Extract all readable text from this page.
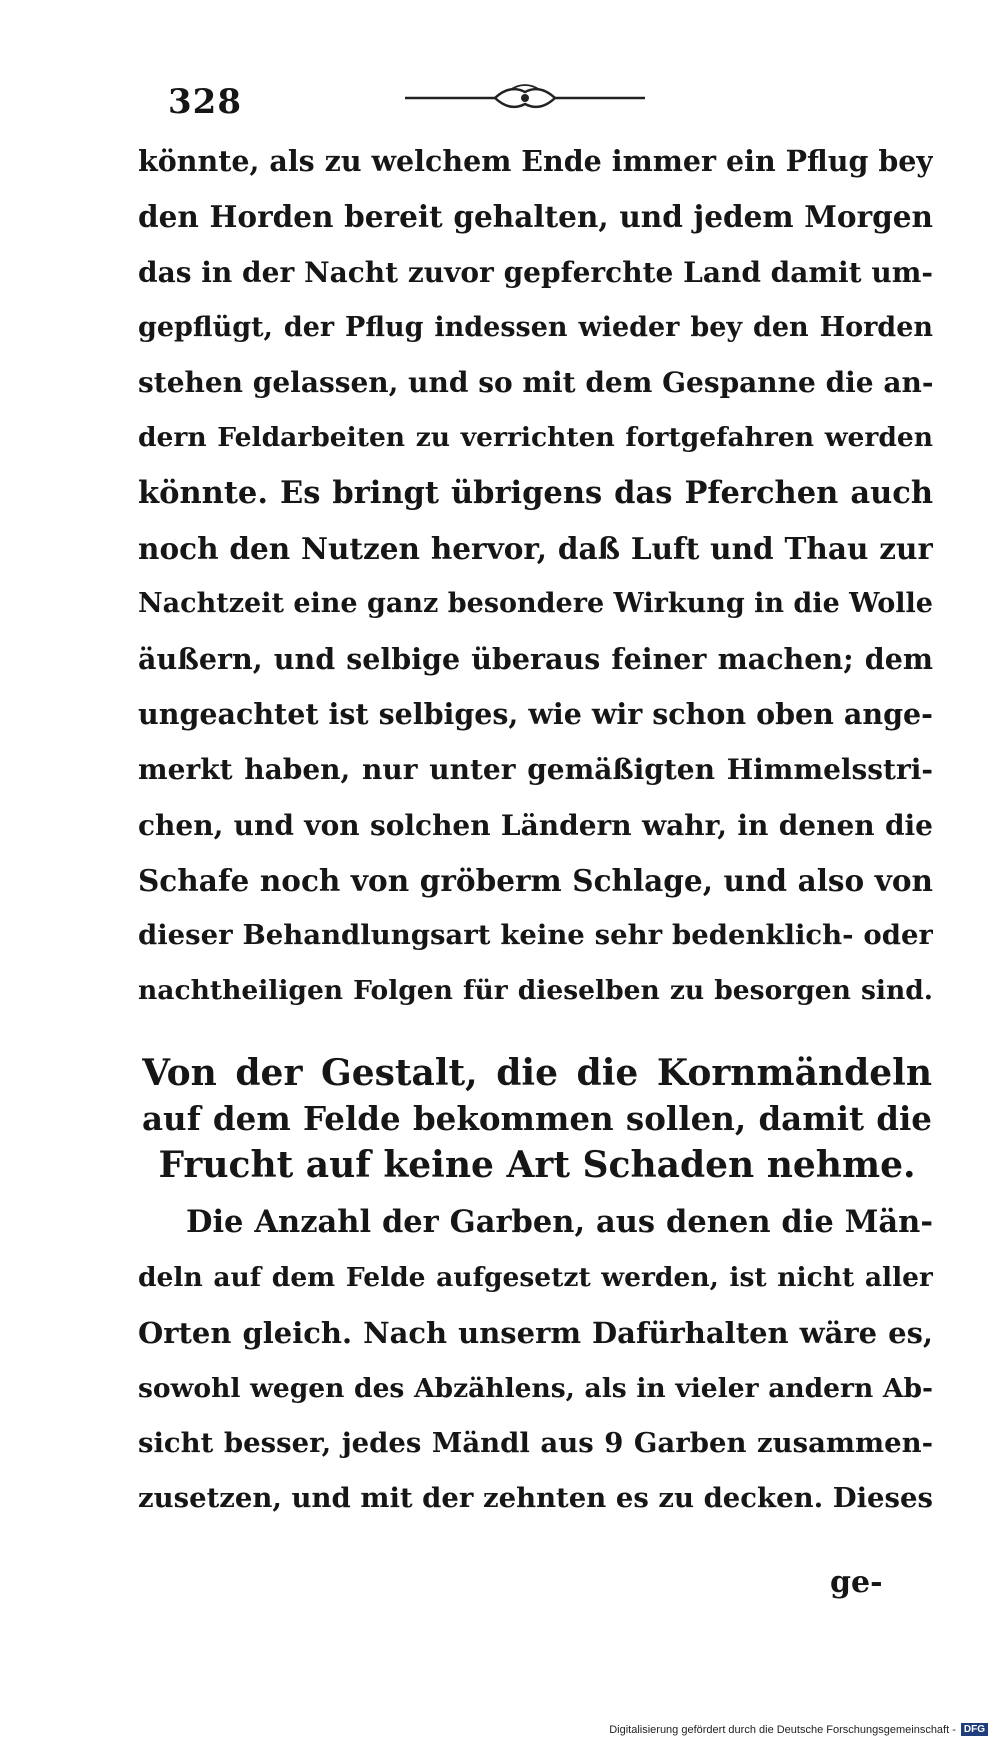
328
könnte, als zu welchem Ende immer ein Pflug bey
den Horden bereit gehalten, und jedem Morgen
das in der Nacht zuvor gepferchte Land damit um-
gepflügt, der Pflug indessen wieder bey den Horden
stehen gelassen, und so mit dem Gespanne die an-
dern Feldarbeiten zu verrichten fortgefahren werden
könnte. Es bringt übrigens das Pferchen auch
noch den Nutzen hervor, daß Luft und Thau zur
Nachtzeit eine ganz besondere Wirkung in die Wolle
äußern, und selbige überaus feiner machen; dem
ungeachtet ist selbiges, wie wir schon oben ange-
merkt haben, nur unter gemäßigten Himmelsstri-
chen, und von solchen Ländern wahr, in denen die
Schafe noch von gröberm Schlage, und also von
dieser Behandlungsart keine sehr bedenklich- oder
nachtheiligen Folgen für dieselben zu besorgen sind.
Von der Gestalt, die die Kornmändeln
auf dem Felde bekommen sollen, damit die
Frucht auf keine Art Schaden nehme.
Die Anzahl der Garben, aus denen die Män-
deln auf dem Felde aufgesetzt werden, ist nicht aller
Orten gleich. Nach unserm Dafürhalten wäre es,
sowohl wegen des Abzählens, als in vieler andern Ab-
sicht besser, jedes Mändl aus 9 Garben zusammen-
zusetzen, und mit der zehnten es zu decken. Dieses
ge-
Digitalisierung gefördert durch die Deutsche Forschungsgemeinschaft - DFG
